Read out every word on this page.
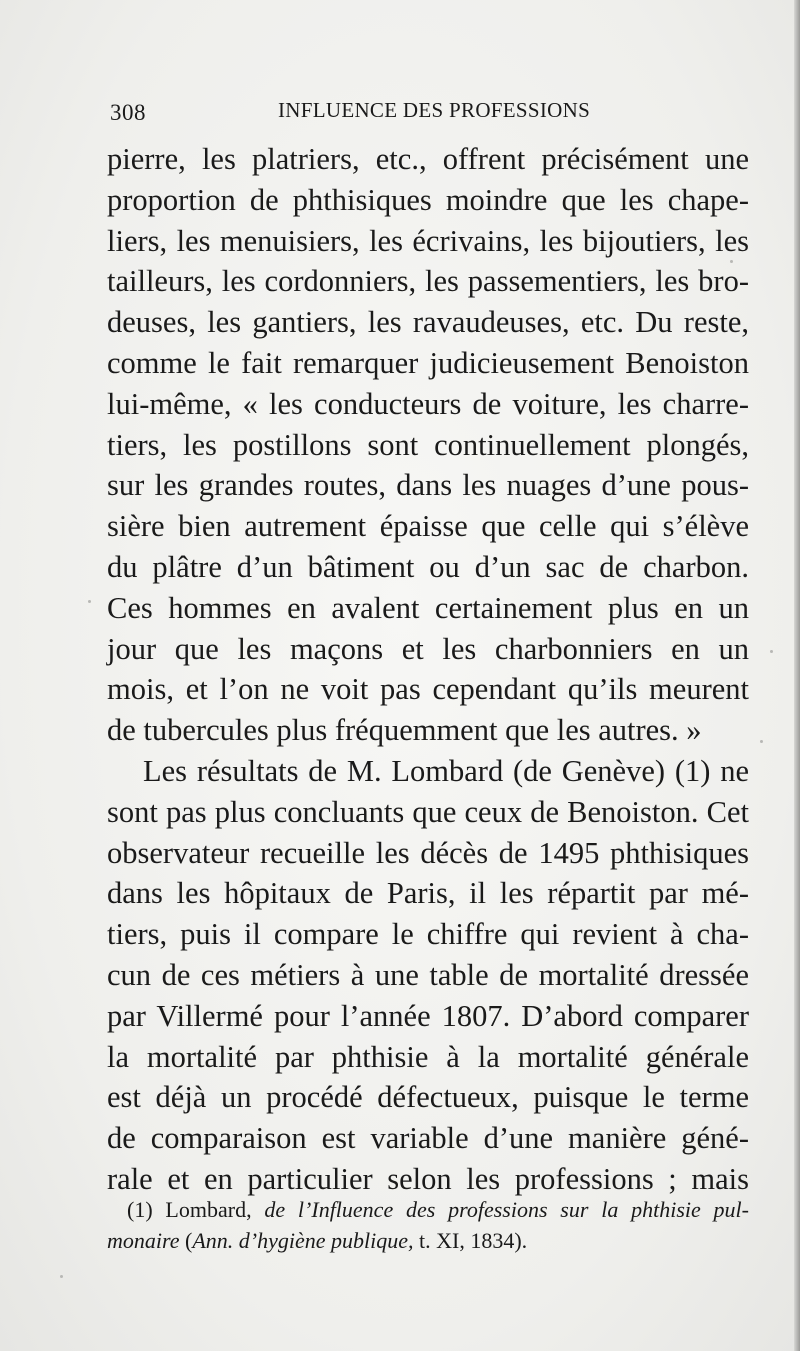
308	INFLUENCE DES PROFESSIONS
pierre, les platriers, etc., offrent précisément une
proportion de phthisiques moindre que les chape-
liers, les menuisiers, les écrivains, les bijoutiers, les
tailleurs, les cordonniers, les passementiers, les bro-
deuses, les gantiers, les ravaudeuses, etc. Du reste,
comme le fait remarquer judicieusement Benoiston
lui-même, « les conducteurs de voiture, les charre-
tiers, les postillons sont continuellement plongés,
sur les grandes routes, dans les nuages d’une pous-
sière bien autrement épaisse que celle qui s’élève
du plâtre d’un bâtiment ou d’un sac de charbon.
Ces hommes en avalent certainement plus en un
jour que les maçons et les charbonniers en un
mois, et l’on ne voit pas cependant qu’ils meurent
de tubercules plus fréquemment que les autres. »
Les résultats de M. Lombard (de Genève) (1) ne
sont pas plus concluants que ceux de Benoiston. Cet
observateur recueille les décès de 1495 phthisiques
dans les hôpitaux de Paris, il les répartit par mé-
tiers, puis il compare le chiffre qui revient à cha-
cun de ces métiers à une table de mortalité dressée
par Villermé pour l’année 1807. D’abord comparer
la mortalité par phthisie à la mortalité générale
est déjà un procédé défectueux, puisque le terme
de comparaison est variable d’une manière géné-
rale et en particulier selon les professions ; mais
(1) Lombard, de l’Influence des professions sur la phthisie pul-
monaire (Ann. d’hygiène publique, t. XI, 1834).
